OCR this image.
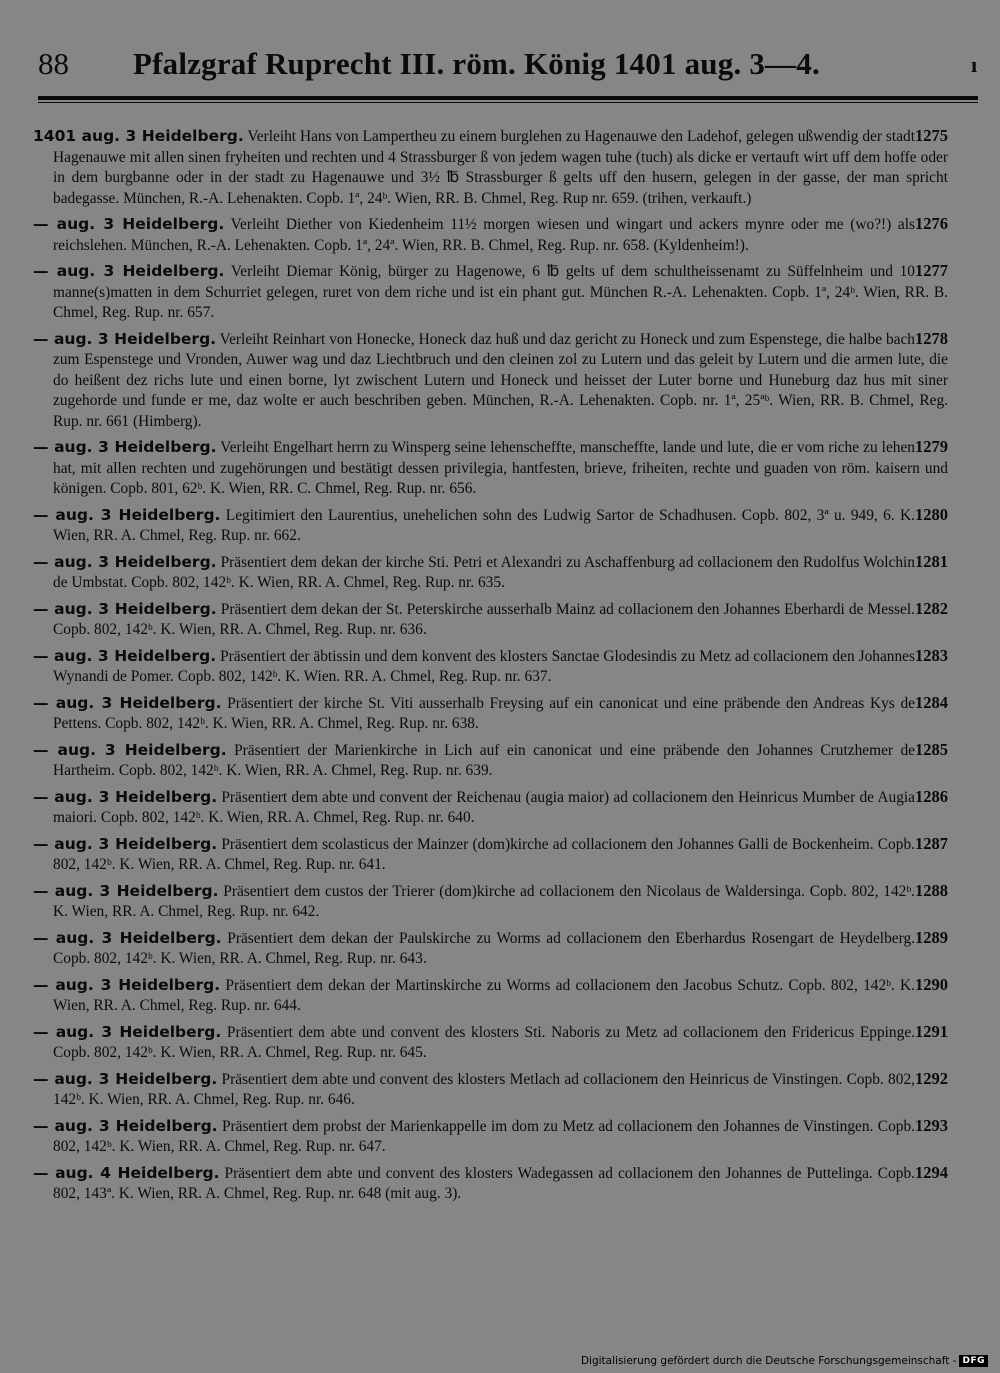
88 Pfalzgraf Ruprecht III. röm. König 1401 aug. 3—4.	ı

1275
1401 aug. 3 Heidelberg. Verleiht Hans von Lampertheu zu einem burglehen zu Hagenauwe den Ladehof, gelegen ußwendig der stadt Hagenauwe mit allen sinen fryheiten und rechten und 4 Strassburger ß von jedem wagen tuhe (tuch) als dicke er vertauft wirt uff dem hoffe oder in dem burgbanne oder in der stadt zu Hagenauwe und 3½ ℔ Strassburger ß gelts uff den husern, gelegen in der gasse, der man spricht badegasse. München, R.-A. Lehenakten. Copb. 1ª, 24ᵇ. Wien, RR. B. Chmel, Reg. Rup nr. 659. (trihen, verkauft.)

1276
— aug. 3 Heidelberg. Verleiht Diether von Kiedenheim 11½ morgen wiesen und wingart und ackers mynre oder me (wo?!) als reichslehen. München, R.-A. Lehenakten. Copb. 1ª, 24ª. Wien, RR. B. Chmel, Reg. Rup. nr. 658. (Kyldenheim!).

1277
— aug. 3 Heidelberg. Verleiht Diemar König, bürger zu Hagenowe, 6 ℔ gelts uf dem schultheissenamt zu Süffelnheim und 10 manne(s)matten in dem Schurriet gelegen, ruret von dem riche und ist ein phant gut. München R.-A. Lehenakten. Copb. 1ª, 24ᵇ. Wien, RR. B. Chmel, Reg. Rup. nr. 657.

1278
— aug. 3 Heidelberg. Verleiht Reinhart von Honecke, Honeck daz huß und daz gericht zu Honeck und zum Espenstege, die halbe bach zum Espenstege und Vronden, Auwer wag und daz Liechtbruch und den cleinen zol zu Lutern und das geleit by Lutern und die armen lute, die do heißent dez richs lute und einen borne, lyt zwischent Lutern und Honeck und heisset der Luter borne und Huneburg daz hus mit siner zugehorde und funde er me, daz wolte er auch beschriben geben. München, R.-A. Lehenakten. Copb. nr. 1ª, 25ªᵇ. Wien, RR. B. Chmel, Reg. Rup. nr. 661 (Himberg).

1279
— aug. 3 Heidelberg. Verleiht Engelhart herrn zu Winsperg seine lehenscheffte, manscheffte, lande und lute, die er vom riche zu lehen hat, mit allen rechten und zugehörungen und bestätigt dessen privilegia, hantfesten, brieve, friheiten, rechte und guaden von röm. kaisern und königen. Copb. 801, 62ᵇ. K. Wien, RR. C. Chmel, Reg. Rup. nr. 656.

1280
— aug. 3 Heidelberg. Legitimiert den Laurentius, unehelichen sohn des Ludwig Sartor de Schadhusen. Copb. 802, 3ª u. 949, 6. K. Wien, RR. A. Chmel, Reg. Rup. nr. 662.

1281
— aug. 3 Heidelberg. Präsentiert dem dekan der kirche Sti. Petri et Alexandri zu Aschaffenburg ad collacionem den Rudolfus Wolchin de Umbstat. Copb. 802, 142ᵇ. K. Wien, RR. A. Chmel, Reg. Rup. nr. 635.

1282
— aug. 3 Heidelberg. Präsentiert dem dekan der St. Peterskirche ausserhalb Mainz ad collacionem den Johannes Eberhardi de Messel. Copb. 802, 142ᵇ. K. Wien, RR. A. Chmel, Reg. Rup. nr. 636.

1283
— aug. 3 Heidelberg. Präsentiert der äbtissin und dem konvent des klosters Sanctae Glodesindis zu Metz ad collacionem den Johannes Wynandi de Pomer. Copb. 802, 142ᵇ. K. Wien. RR. A. Chmel, Reg. Rup. nr. 637.

1284
— aug. 3 Heidelberg. Präsentiert der kirche St. Viti ausserhalb Freysing auf ein canonicat und eine präbende den Andreas Kys de Pettens. Copb. 802, 142ᵇ. K. Wien, RR. A. Chmel, Reg. Rup. nr. 638.

1285
— aug. 3 Heidelberg. Präsentiert der Marienkirche in Lich auf ein canonicat und eine präbende den Johannes Crutzhemer de Hartheim. Copb. 802, 142ᵇ. K. Wien, RR. A. Chmel, Reg. Rup. nr. 639.

1286
— aug. 3 Heidelberg. Präsentiert dem abte und convent der Reichenau (augia maior) ad collacionem den Heinricus Mumber de Augia maiori. Copb. 802, 142ᵇ. K. Wien, RR. A. Chmel, Reg. Rup. nr. 640.

1287
— aug. 3 Heidelberg. Präsentiert dem scolasticus der Mainzer (dom)kirche ad collacionem den Johannes Galli de Bockenheim. Copb. 802, 142ᵇ. K. Wien, RR. A. Chmel, Reg. Rup. nr. 641.

1288
— aug. 3 Heidelberg. Präsentiert dem custos der Trierer (dom)kirche ad collacionem den Nicolaus de Waldersinga. Copb. 802, 142ᵇ. K. Wien, RR. A. Chmel, Reg. Rup. nr. 642.

1289
— aug. 3 Heidelberg. Präsentiert dem dekan der Paulskirche zu Worms ad collacionem den Eberhardus Rosengart de Heydelberg. Copb. 802, 142ᵇ. K. Wien, RR. A. Chmel, Reg. Rup. nr. 643.

1290
— aug. 3 Heidelberg. Präsentiert dem dekan der Martinskirche zu Worms ad collacionem den Jacobus Schutz. Copb. 802, 142ᵇ. K. Wien, RR. A. Chmel, Reg. Rup. nr. 644.

1291
— aug. 3 Heidelberg. Präsentiert dem abte und convent des klosters Sti. Naboris zu Metz ad collacionem den Fridericus Eppinge. Copb. 802, 142ᵇ. K. Wien, RR. A. Chmel, Reg. Rup. nr. 645.

1292
— aug. 3 Heidelberg. Präsentiert dem abte und convent des klosters Metlach ad collacionem den Heinricus de Vinstingen. Copb. 802, 142ᵇ. K. Wien, RR. A. Chmel, Reg. Rup. nr. 646.

1293
— aug. 3 Heidelberg. Präsentiert dem probst der Marienkappelle im dom zu Metz ad collacionem den Johannes de Vinstingen. Copb. 802, 142ᵇ. K. Wien, RR. A. Chmel, Reg. Rup. nr. 647.

1294
— aug. 4 Heidelberg. Präsentiert dem abte und convent des klosters Wadegassen ad collacionem den Johannes de Puttelinga. Copb. 802, 143ª. K. Wien, RR. A. Chmel, Reg. Rup. nr. 648 (mit aug. 3).

Digitalisierung gefördert durch die Deutsche Forschungsgemeinschaft - DFG
